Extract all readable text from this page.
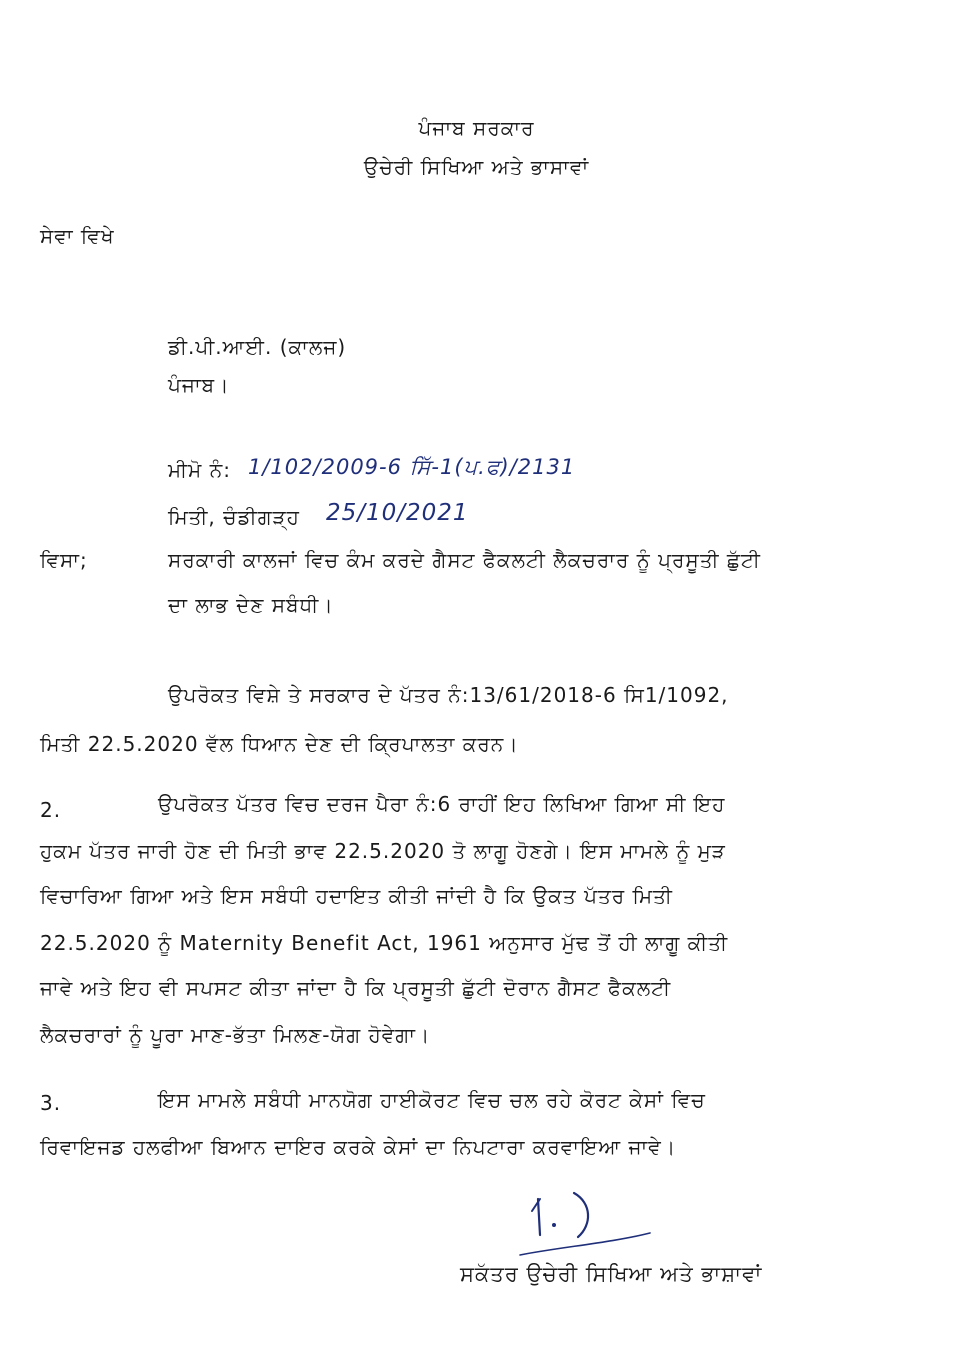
ਪੰਜਾਬ ਸਰਕਾਰ
ਉਚੇਰੀ ਸਿਖਿਆ ਅਤੇ ਭਾਸਾਵਾਂ
ਸੇਵਾ ਵਿਖੇ
ਡੀ.ਪੀ.ਆਈ. (ਕਾਲਜ)
ਪੰਜਾਬ।
ਮੀਮੋ ਨੰ: 1/102/2009-6 ਸਿੱ-1(ਪ.ਫ)/2131
ਮਿਤੀ, ਚੰਡੀਗੜ੍ਹ 25/10/2021
ਵਿਸਾ;	ਸਰਕਾਰੀ ਕਾਲਜਾਂ ਵਿਚ ਕੰਮ ਕਰਦੇ ਗੈਸਟ ਫੈਕਲਟੀ ਲੈਕਚਰਾਰ ਨੂੰ ਪ੍ਰਸੂਤੀ ਛੁੱਟੀ
ਦਾ ਲਾਭ ਦੇਣ ਸਬੰਧੀ।
ਉਪਰੋਕਤ ਵਿਸ਼ੇ ਤੇ ਸਰਕਾਰ ਦੇ ਪੱਤਰ ਨੰ:13/61/2018-6 ਸਿ1/1092,
ਮਿਤੀ 22.5.2020 ਵੱਲ ਧਿਆਨ ਦੇਣ ਦੀ ਕ੍ਰਿਪਾਲਤਾ ਕਰਨ।
2.	ਉਪਰੋਕਤ ਪੱਤਰ ਵਿਚ ਦਰਜ ਪੈਰਾ ਨੰ:6 ਰਾਹੀਂ ਇਹ ਲਿਖਿਆ ਗਿਆ ਸੀ ਇਹ
ਹੁਕਮ ਪੱਤਰ ਜਾਰੀ ਹੋਣ ਦੀ ਮਿਤੀ ਭਾਵ 22.5.2020 ਤੋ ਲਾਗੂ ਹੋਣਗੇ। ਇਸ ਮਾਮਲੇ ਨੂੰ ਮੁੜ
ਵਿਚਾਰਿਆ ਗਿਆ ਅਤੇ ਇਸ ਸਬੰਧੀ ਹਦਾਇਤ ਕੀਤੀ ਜਾਂਦੀ ਹੈ ਕਿ ਉਕਤ ਪੱਤਰ ਮਿਤੀ
22.5.2020 ਨੂੰ Maternity Benefit Act, 1961 ਅਨੁਸਾਰ ਮੁੱਢ ਤੋਂ ਹੀ ਲਾਗੂ ਕੀਤੀ
ਜਾਵੇ ਅਤੇ ਇਹ ਵੀ ਸਪਸਟ ਕੀਤਾ ਜਾਂਦਾ ਹੈ ਕਿ ਪ੍ਰਸੂਤੀ ਛੁੱਟੀ ਦੋਰਾਨ ਗੈਸਟ ਫੈਕਲਟੀ
ਲੈਕਚਰਾਰਾਂ ਨੂੰ ਪੂਰਾ ਮਾਣ-ਭੱਤਾ ਮਿਲਣ-ਯੋਗ ਹੋਵੇਗਾ।
3.	ਇਸ ਮਾਮਲੇ ਸਬੰਧੀ ਮਾਨਯੋਗ ਹਾਈਕੋਰਟ ਵਿਚ ਚਲ ਰਹੇ ਕੋਰਟ ਕੇਸਾਂ ਵਿਚ
ਰਿਵਾਇਜਡ ਹਲਫੀਆ ਬਿਆਨ ਦਾਇਰ ਕਰਕੇ ਕੇਸਾਂ ਦਾ ਨਿਪਟਾਰਾ ਕਰਵਾਇਆ ਜਾਵੇ।
ਸਕੱਤਰ ਉਚੇਰੀ ਸਿਖਿਆ ਅਤੇ ਭਾਸ਼ਾਵਾਂ
